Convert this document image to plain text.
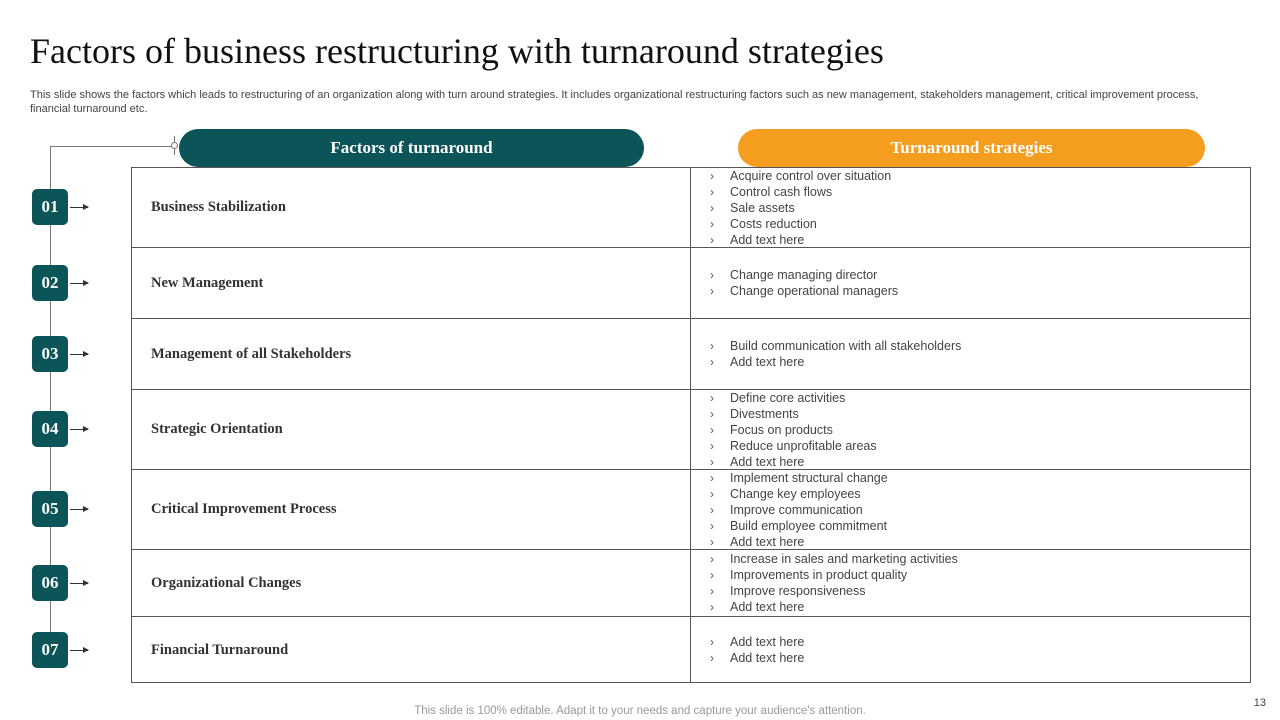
Factors of business restructuring with turnaround strategies

This slide shows the factors which leads to restructuring of an organization along with turn around strategies. It includes organizational restructuring factors such as new management, stakeholders management, critical improvement process, financial turnaround etc.

Factors of turnaround	Turnaround strategies
Business Stabilization
› Acquire control over situation
› Control cash flows
› Sale assets
› Costs reduction
› Add text here
New Management	› Change managing director
› Change operational managers
Management of all Stakeholders	› Build communication with all stakeholders
› Add text here
Strategic Orientation
› Define core activities
› Divestments
› Focus on products
› Reduce unprofitable areas
› Add text here
Critical Improvement Process
› Implement structural change
› Change key employees
› Improve communication
› Build employee commitment
› Add text here
Organizational Changes
› Increase in sales and marketing activities
› Improvements in product quality
› Improve responsiveness
› Add text here
Financial Turnaround	› Add text here
› Add text here
01
02
03
04
05
06
07
This slide is 100% editable. Adapt it to your needs and capture your audience's attention.
13
